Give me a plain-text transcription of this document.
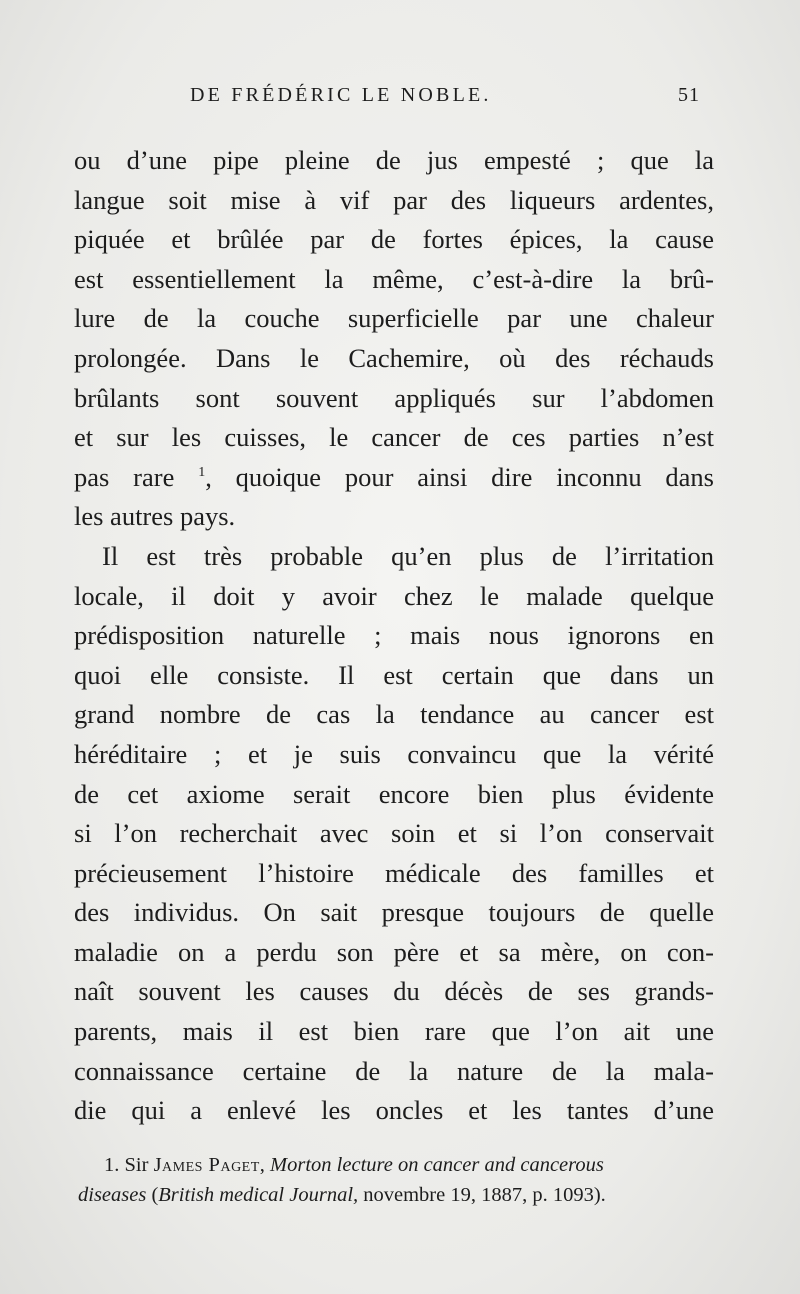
DE FRÉDÉRIC LE NOBLE.	51
ou d’une pipe pleine de jus empesté ; que la
langue soit mise à vif par des liqueurs ardentes,
piquée et brûlée par de fortes épices, la cause
est essentiellement la même, c’est-à-dire la brû-
lure de la couche superficielle par une chaleur
prolongée. Dans le Cachemire, où des réchauds
brûlants sont souvent appliqués sur l’abdomen
et sur les cuisses, le cancer de ces parties n’est
pas rare $^1$, quoique pour ainsi dire inconnu dans
les autres pays.
Il est très probable qu’en plus de l’irritation
locale, il doit y avoir chez le malade quelque
prédisposition naturelle ; mais nous ignorons en
quoi elle consiste. Il est certain que dans un
grand nombre de cas la tendance au cancer est
héréditaire ; et je suis convaincu que la vérité
de cet axiome serait encore bien plus évidente
si l’on recherchait avec soin et si l’on conservait
précieusement l’histoire médicale des familles et
des individus. On sait presque toujours de quelle
maladie on a perdu son père et sa mère, on con-
naît souvent les causes du décès de ses grands-
parents, mais il est bien rare que l’on ait une
connaissance certaine de la nature de la mala-
die qui a enlevé les oncles et les tantes d’une
1. Sir James Paget, Morton lecture on cancer and cancerous
diseases (British medical Journal, novembre 19, 1887, p. 1093).
